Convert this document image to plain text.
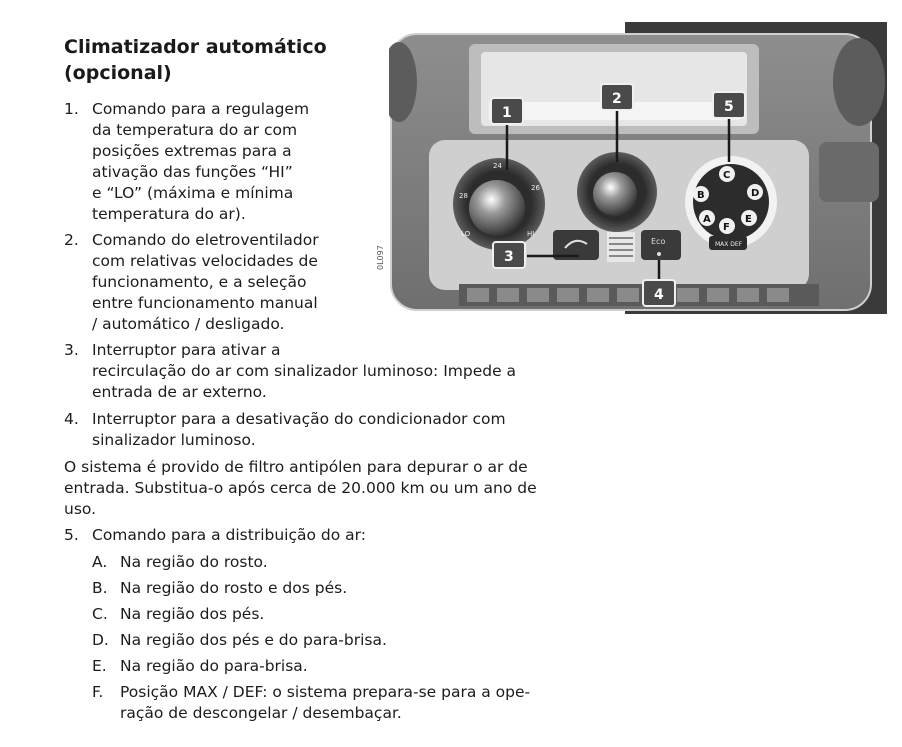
Climatizador automático
(opcional)
1. Comando para a regulagem
da temperatura do ar com
posições extremas para a
ativação das funções “HI”
e “LO” (máxima e mínima
temperatura do ar).
2. Comando do eletroventilador
com relativas velocidades de
funcionamento, e a seleção
entre funcionamento manual
/ automático / desligado.
3. Interruptor para ativar a
recirculação do ar com sinalizador luminoso: Impede a
entrada de ar externo.
4. Interruptor para a desativação do condicionador com
sinalizador luminoso.
O sistema é provido de filtro antipólen para depurar o ar de
entrada. Substitua-o após cerca de 20.000 km ou um ano de
uso.
5. Comando para a distribuição do ar:
A. Na região do rosto.
B. Na região do rosto e dos pés.
C. Na região dos pés.
D. Na região dos pés e do para-brisa.
E. Na região do para-brisa.
F. Posição MAX / DEF: o sistema prepara-se para a ope-
ração de descongelar / desembaçar.
24
26
28
LO	HI
A
B
C
D
E
F
MAX DEF
Eco
1
2
3
4
5
0L097
